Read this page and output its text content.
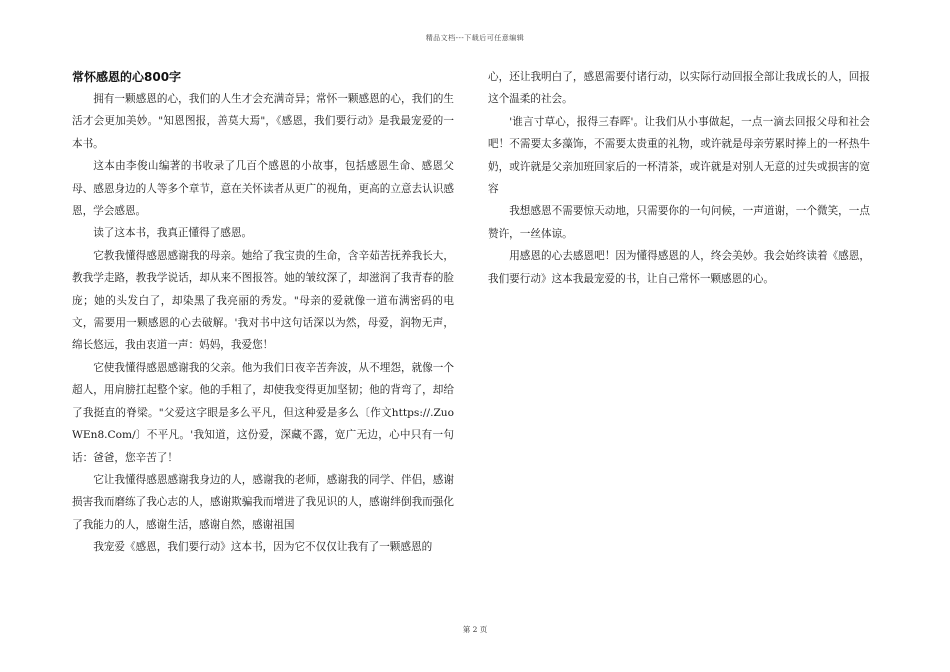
精品文档---下载后可任意编辑
常怀感恩的心800字

拥有一颗感恩的心，我们的人生才会充满奇异；常怀一颗感恩的心，我们的生活才会更加美妙。"知恩图报，善莫大焉"，《感恩，我们要行动》是我最宠爱的一本书。

这本由李俊山编著的书收录了几百个感恩的小故事，包括感恩生命、感恩父母、感恩身边的人等多个章节，意在关怀读者从更广的视角，更高的立意去认识感恩，学会感恩。

读了这本书，我真正懂得了感恩。

它教我懂得感恩感谢我的母亲。她给了我宝贵的生命，含辛茹苦抚养我长大，教我学走路，教我学说话，却从来不图报答。她的皱纹深了，却滋润了我青春的脸庞；她的头发白了，却染黑了我亮丽的秀发。"母亲的爱就像一道布满密码的电文，需要用一颗感恩的心去破解。'我对书中这句话深以为然，母爱，润物无声，绵长悠远，我由衷道一声：妈妈，我爱您！

它使我懂得感恩感谢我的父亲。他为我们日夜辛苦奔波，从不埋怨，就像一个超人，用肩膀扛起整个家。他的手粗了，却使我变得更加坚韧；他的背弯了，却给了我挺直的脊梁。"父爱这字眼是多么平凡，但这种爱是多么〔作文https://.ZuoWEn8.Com/〕不平凡。'我知道，这份爱，深藏不露，宽广无边，心中只有一句话：爸爸，您辛苦了！

它让我懂得感恩感谢我身边的人，感谢我的老师，感谢我的同学、伴侣，感谢损害我而磨练了我心志的人，感谢欺骗我而增进了我见识的人，感谢绊倒我而强化了我能力的人，感谢生活，感谢自然，感谢祖国

我宠爱《感恩，我们要行动》这本书，因为它不仅仅让我有了一颗感恩的

心，还让我明白了，感恩需要付诸行动，以实际行动回报全部让我成长的人，回报这个温柔的社会。

'谁言寸草心，报得三春晖'。让我们从小事做起，一点一滴去回报父母和社会吧！不需要太多藻饰，不需要太贵重的礼物，或许就是母亲劳累时捧上的一杯热牛奶，或许就是父亲加班回家后的一杯清茶，或许就是对别人无意的过失或损害的宽容

我想感恩不需要惊天动地，只需要你的一句问候，一声道谢，一个微笑，一点赞许，一丝体谅。

用感恩的心去感恩吧！因为懂得感恩的人，终会美妙。我会始终读着《感恩，我们要行动》这本我最宠爱的书，让自己常怀一颗感恩的心。

第 2 页
